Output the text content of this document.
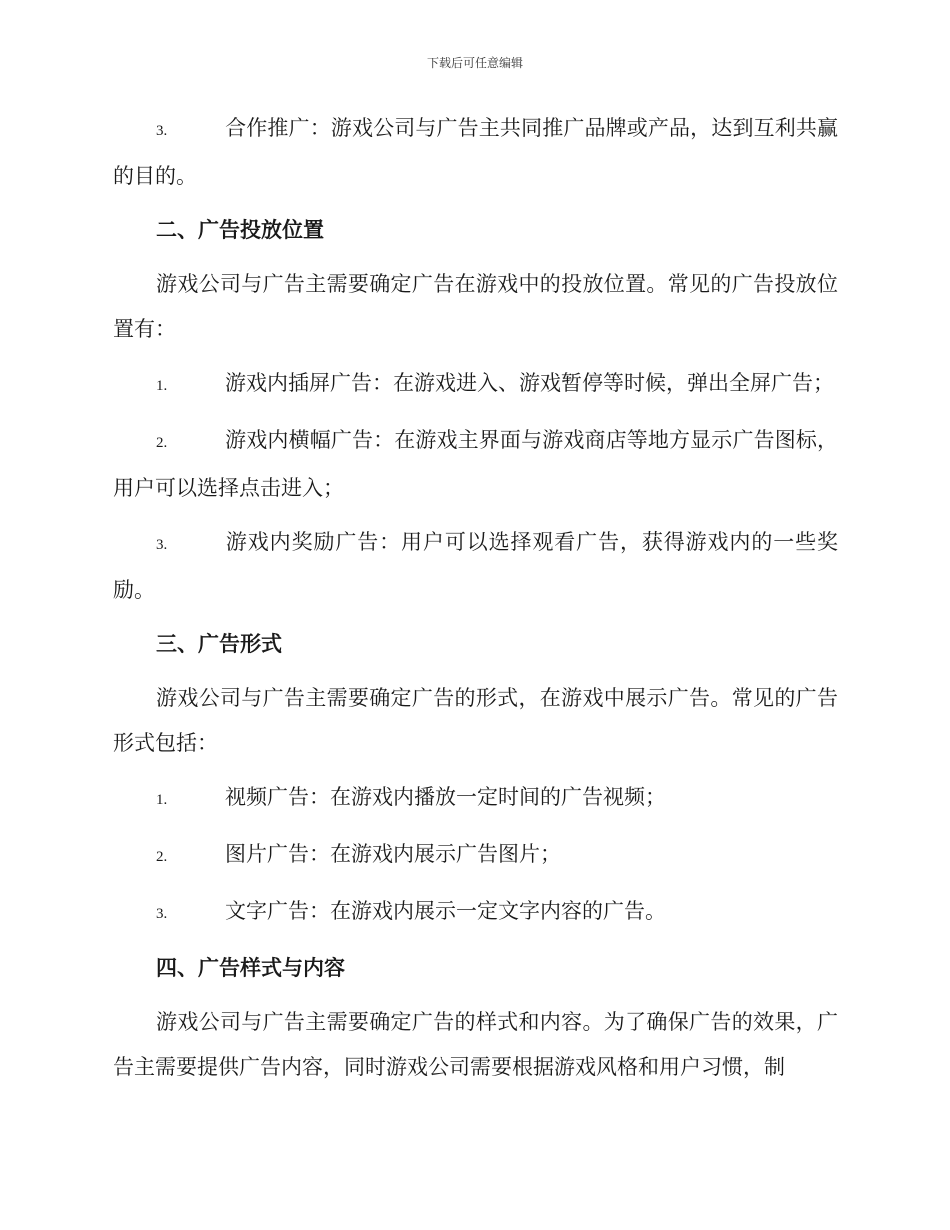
下载后可任意编辑

3.	合作推广：游戏公司与广告主共同推广品牌或产品，达到互利共赢的目的。

二、广告投放位置

游戏公司与广告主需要确定广告在游戏中的投放位置。常见的广告投放位置有：

1.	游戏内插屏广告：在游戏进入、游戏暂停等时候，弹出全屏广告；

2.	游戏内横幅广告：在游戏主界面与游戏商店等地方显示广告图标，用户可以选择点击进入；

3.	游戏内奖励广告：用户可以选择观看广告，获得游戏内的一些奖励。

三、广告形式

游戏公司与广告主需要确定广告的形式，在游戏中展示广告。常见的广告形式包括：

1.	视频广告：在游戏内播放一定时间的广告视频；

2.	图片广告：在游戏内展示广告图片；

3.	文字广告：在游戏内展示一定文字内容的广告。

四、广告样式与内容

游戏公司与广告主需要确定广告的样式和内容。为了确保广告的效果，广告主需要提供广告内容，同时游戏公司需要根据游戏风格和用户习惯，制
